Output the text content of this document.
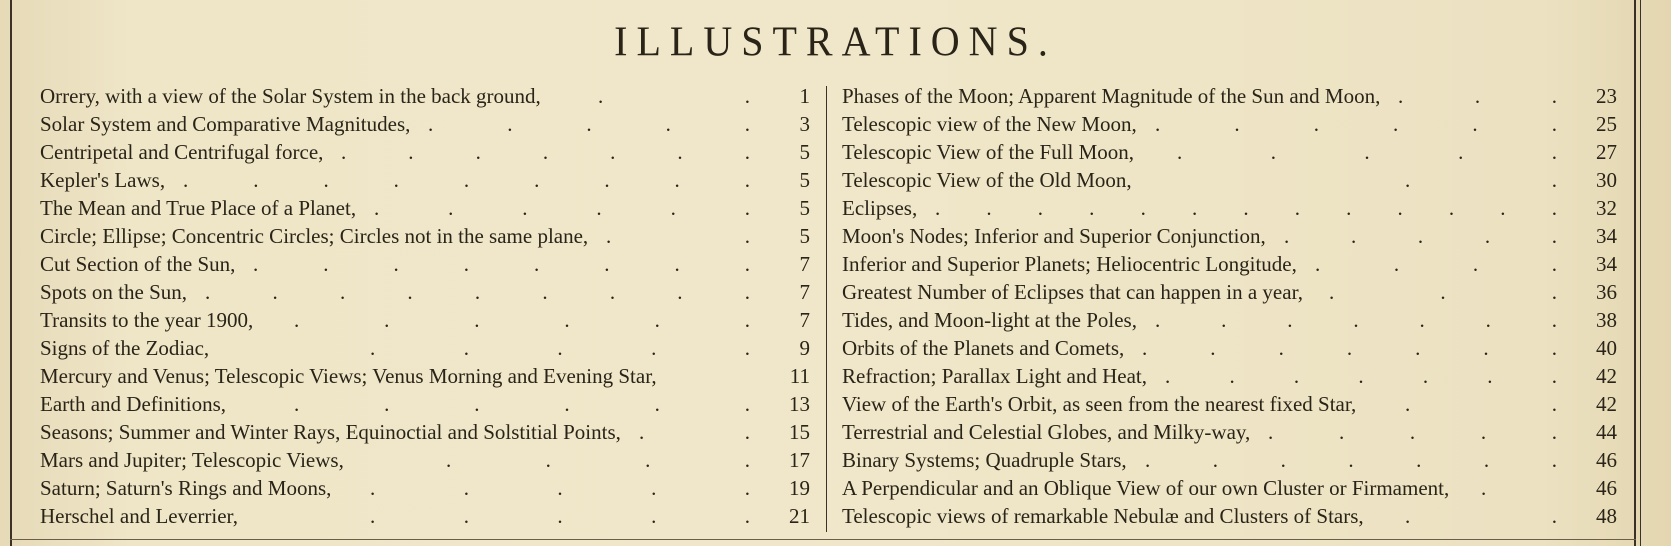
ILLUSTRATIONS.
Orrery, with a view of the Solar System in the back ground,	.	. 1
Solar System and Comparative Magnitudes, .	.	.	.	. 3
Centripetal and Centrifugal force, .	.	.	.	.	.	. 5
Kepler's Laws, .	.	.	.	.	.	.	.	. 5
The Mean and True Place of a Planet, .	.	.	.	.	. 5
Circle; Ellipse; Concentric Circles; Circles not in the same plane, .	. 5
Cut Section of the Sun, .	.	.	.	.	.	.	. 7
Spots on the Sun, .	.	.	.	.	.	.	.	. 7
Transits to the year 1900, .	.	.	.	.	. 7
Signs of the Zodiac,	.	.	.	.	. 9
Mercury and Venus; Telescopic Views; Venus Morning and Evening Star,	11
Earth and Definitions,	.	.	.	.	.	. 13
Seasons; Summer and Winter Rays, Equinoctial and Solstitial Points, .	. 15
Mars and Jupiter; Telescopic Views,	.	.	.	. 17
Saturn; Saturn's Rings and Moons, .	.	.	.	. 19
Herschel and Leverrier,	.	.	.	.	. 21
Phases of the Moon; Apparent Magnitude of the Sun and Moon, .	.	. 23
Telescopic view of the New Moon, .	.	.	.	.	. 25
Telescopic View of the Full Moon, .	.	.	.	. 27
Telescopic View of the Old Moon,	.	. 30
Eclipses, . . . . . . . . . . . . . 32
Moon's Nodes; Inferior and Superior Conjunction, .	.	.	.	. 34
Inferior and Superior Planets; Heliocentric Longitude, .	.	.	. 34
Greatest Number of Eclipses that can happen in a year, .	.	. 36
Tides, and Moon-light at the Poles, .	.	.	.	.	.	. 38
Orbits of the Planets and Comets, .	.	.	.	.	.	. 40
Refraction; Parallax Light and Heat, .	.	.	.	.	.	. 42
View of the Earth's Orbit, as seen from the nearest fixed Star, .	. 42
Terrestrial and Celestial Globes, and Milky-way, .	.	.	.	. 44
Binary Systems; Quadruple Stars, .	.	.	.	.	.	. 46
A Perpendicular and an Oblique View of our own Cluster or Firmament, .	46
Telescopic views of remarkable Nebulæ and Clusters of Stars, .	. 48
